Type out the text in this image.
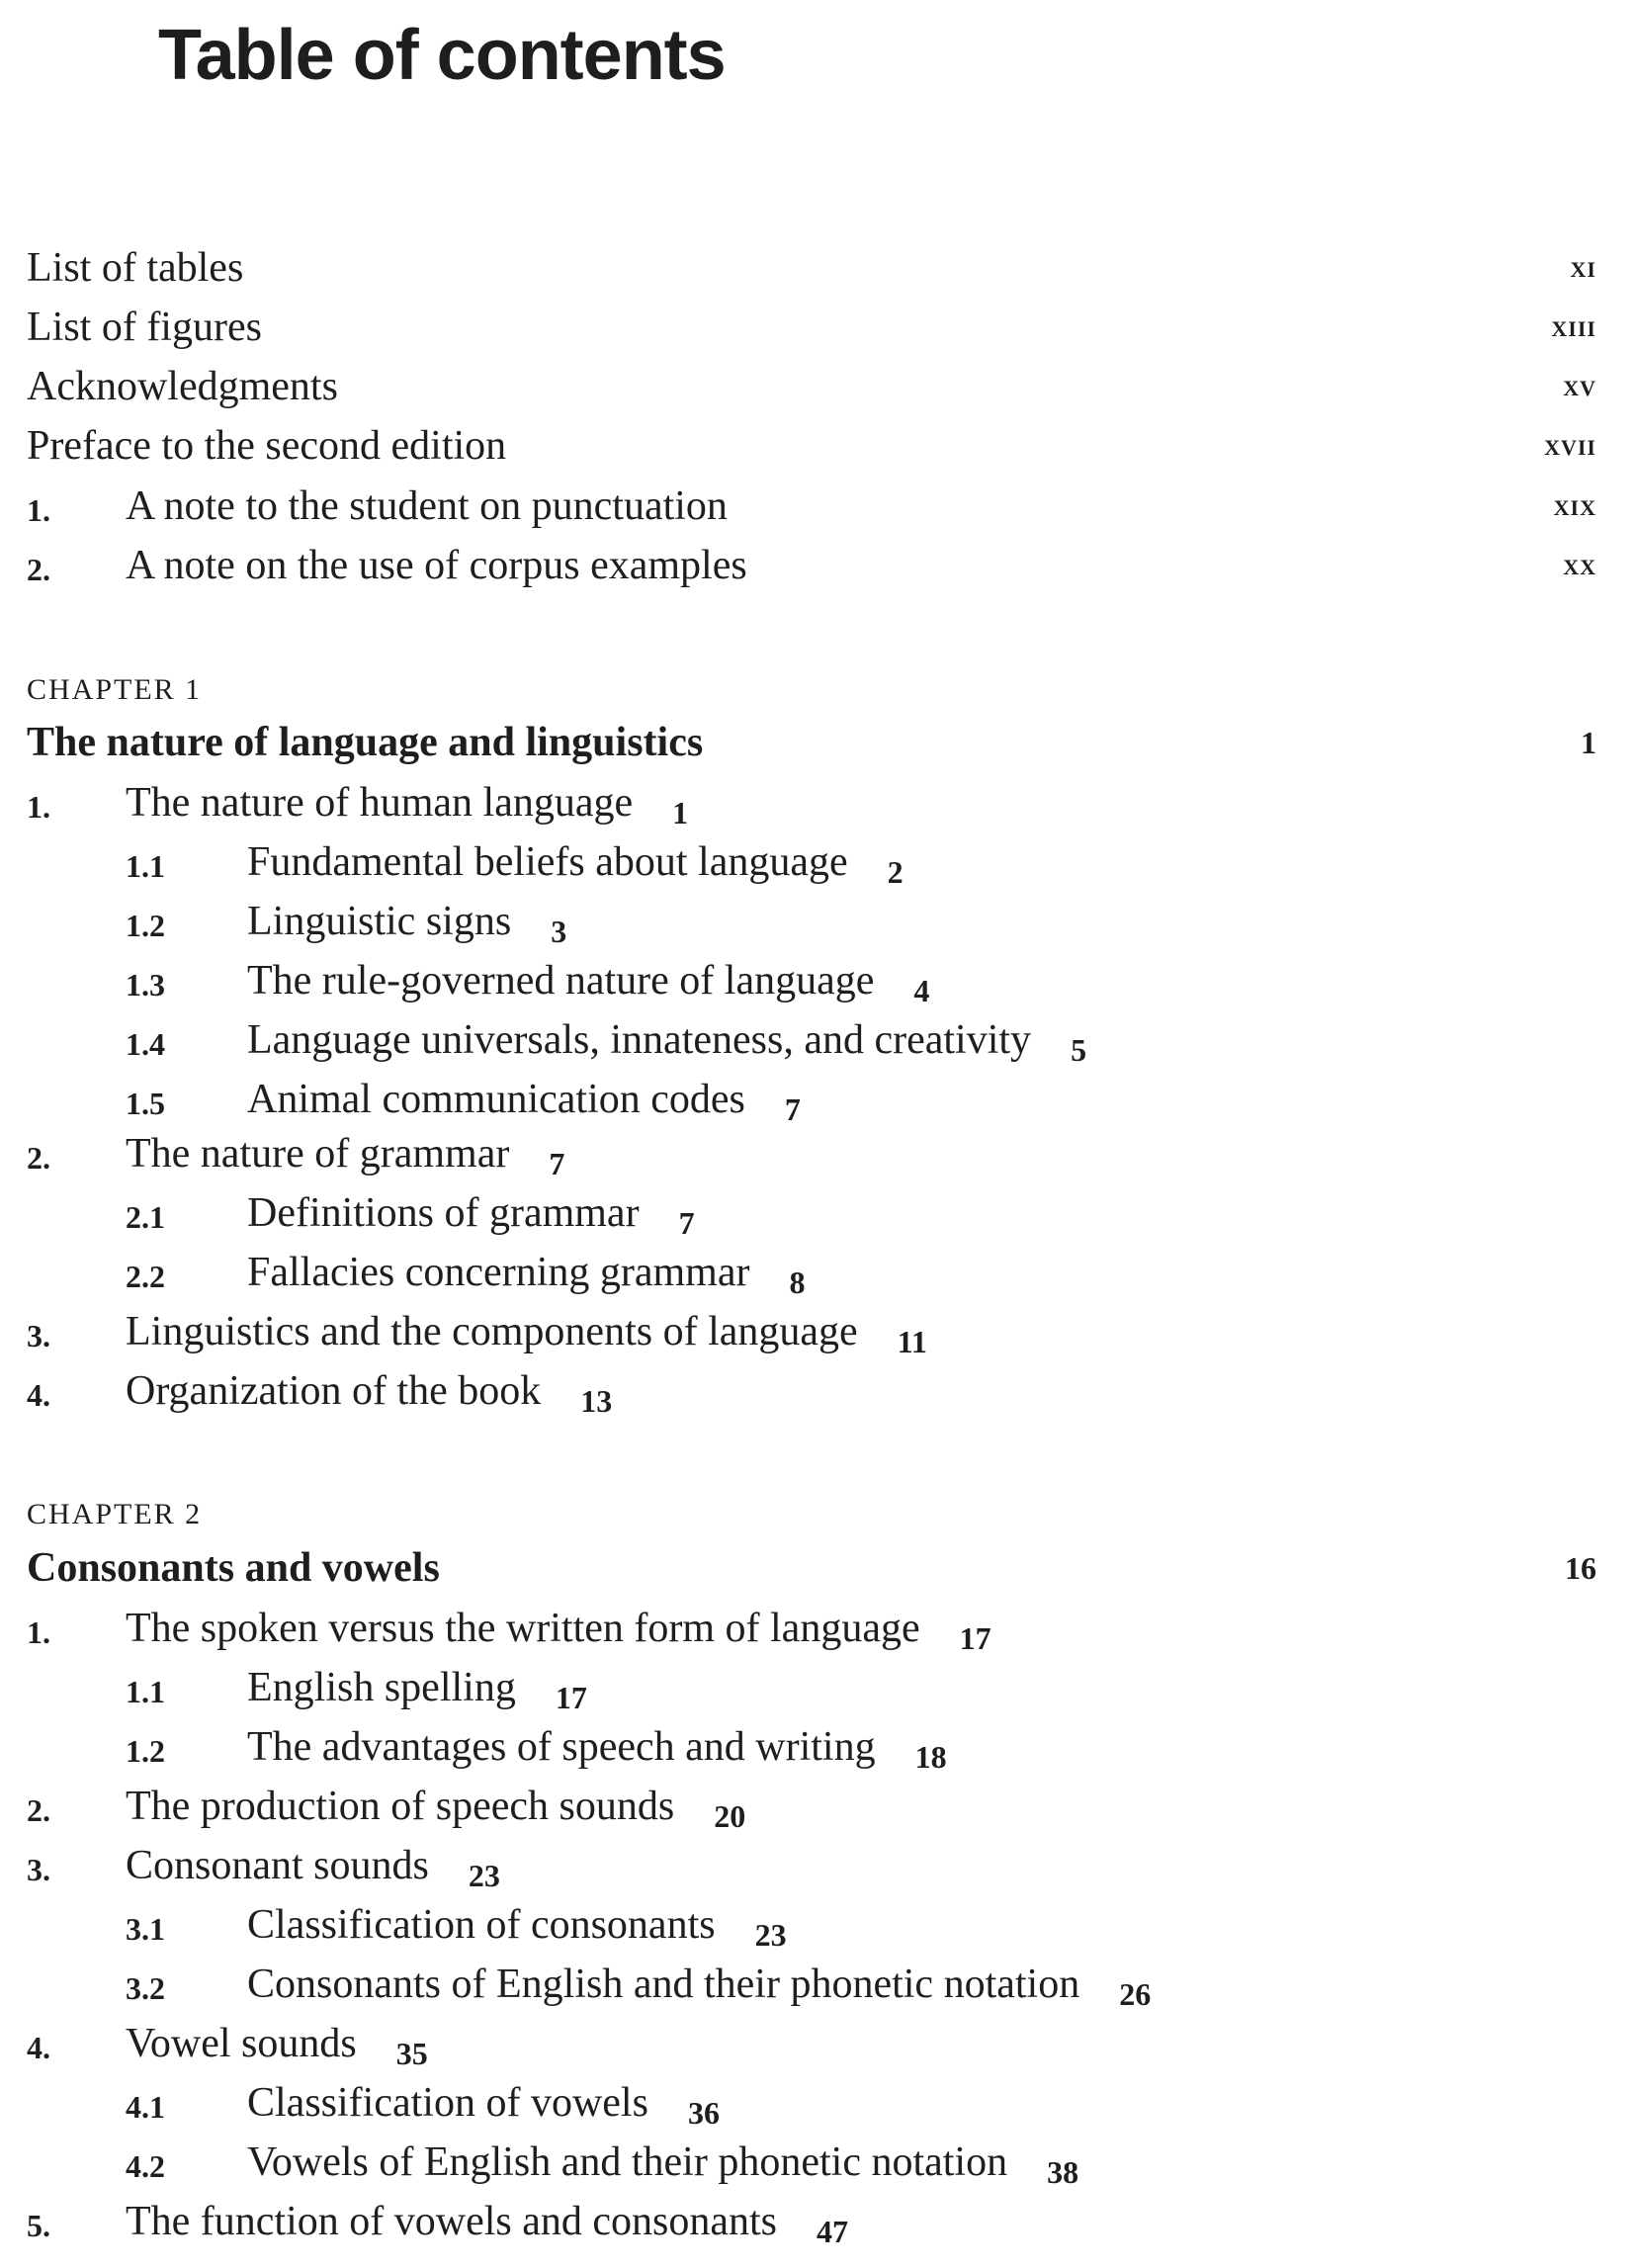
Table of contents
List of tables	xi
List of figures	xiii
Acknowledgments	xv
Preface to the second edition	xvii
1. A note to the student on punctuation	xix
2. A note on the use of corpus examples	xx
CHAPTER 1
The nature of language and linguistics	1
1. The nature of human language 1
1.1 Fundamental beliefs about language 2
1.2 Linguistic signs 3
1.3 The rule-governed nature of language 4
1.4 Language universals, innateness, and creativity 5
1.5 Animal communication codes 7
2. The nature of grammar 7
2.1 Definitions of grammar 7
2.2 Fallacies concerning grammar 8
3. Linguistics and the components of language 11
4. Organization of the book 13
CHAPTER 2
Consonants and vowels	16
1. The spoken versus the written form of language 17
1.1 English spelling 17
1.2 The advantages of speech and writing 18
2. The production of speech sounds 20
3. Consonant sounds 23
3.1 Classification of consonants 23
3.2 Consonants of English and their phonetic notation 26
4. Vowel sounds 35
4.1 Classification of vowels 36
4.2 Vowels of English and their phonetic notation 38
5. The function of vowels and consonants 47
